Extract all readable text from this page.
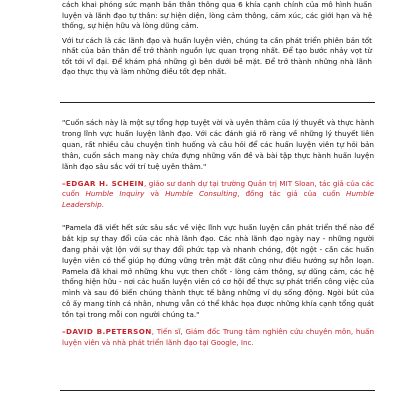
cách khai phóng sức mạnh bản thân thông qua 6 khía cạnh chính của mô hình huấn luyện và lãnh đạo tự thân: sự hiện diện, lòng cảm thông, cảm xúc, các giới hạn và hệ thống, sự hiện hữu và lòng dũng cảm.

Với tư cách là các lãnh đạo và huấn luyện viên, chúng ta cần phát triển phiên bản tốt nhất của bản thân để trở thành nguồn lực quan trọng nhất. Để tạo bước nhảy vọt từ tốt tới vĩ đại. Để khám phá những gì bên dưới bề mặt. Để trở thành những nhà lãnh đạo thực thụ và làm những điều tốt đẹp nhất.

"Cuốn sách này là một sự tổng hợp tuyệt vời và uyên thâm của lý thuyết và thực hành trong lĩnh vực huấn luyện lãnh đạo. Với các đánh giá rõ ràng về những lý thuyết liên quan, rất nhiều câu chuyện tình huống và câu hỏi để các huấn luyện viên tự hỏi bản thân, cuốn sách mang này chứa đựng những vấn đề và bài tập thực hành huấn luyện lãnh đạo sâu sắc với trí tuệ uyên thâm."

–EDGAR H. SCHEIN, giáo sư danh dự tại trường Quản trị MIT Sloan, tác giả của các cuốn Humble Inquiry và Humble Consulting, đồng tác giả của cuốn Humble Leadership.

"Pamela đã viết hết sức sâu sắc về việc lĩnh vực huấn luyện cần phát triển thế nào để bắt kịp sự thay đổi của các nhà lãnh đạo. Các nhà lãnh đạo ngày nay - những người đang phải vật lộn với sự thay đổi phức tạp và nhanh chóng, đột ngột - cần các huấn luyện viên có thể giúp họ đứng vững trên mặt đất cũng như điều hướng sự hỗn loạn. Pamela đã khai mở những khu vực then chốt - lòng cảm thông, sự dũng cảm, các hệ thống hiện hữu - nơi các huấn luyện viên có cơ hội để thực sự phát triển công việc của mình và sau đó biến chúng thành thực tế bằng những ví dụ sống động. Ngòi bút của cô ấy mang tính cá nhân, nhưng vẫn có thể khắc họa được những khía cạnh tổng quát tồn tại trong mỗi con người chúng ta."

–DAVID B.PETERSON, Tiến sĩ, Giám đốc Trung tâm nghiên cứu chuyên môn, huấn luyện viên và nhà phát triển lãnh đạo tại Google, Inc.
